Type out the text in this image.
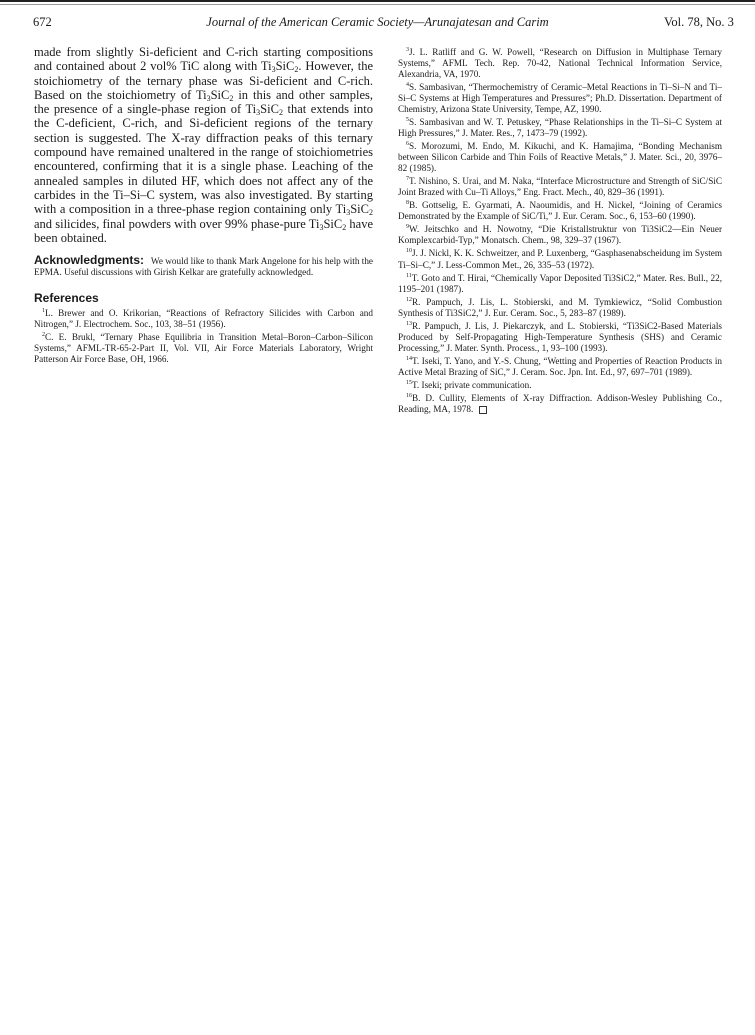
Journal of the American Ceramic Society—Arunajatesan and Carim
672	Vol. 78, No. 3

made from slightly Si-deficient and C-rich starting compositions and contained about 2 vol% TiC along with $Ti_3SiC_2$. However, the stoichiometry of the ternary phase was Si-deficient and C-rich. Based on the stoichiometry of $Ti_3SiC_2$ in this and other samples, the presence of a single-phase region of $Ti_3SiC_2$ that extends into the C-deficient, C-rich, and Si-deficient regions of the ternary section is suggested. The X-ray diffraction peaks of this ternary compound have remained unaltered in the range of stoichiometries encountered, confirming that it is a single phase. Leaching of the annealed samples in diluted HF, which does not affect any of the carbides in the Ti–Si–C system, was also investigated. By starting with a composition in a three-phase region containing only $Ti_3SiC_2$ and silicides, final powders with over 99% phase-pure $Ti_3SiC_2$ have been obtained.

Acknowledgments: We would like to thank Mark Angelone for his help with the EPMA. Useful discussions with Girish Kelkar are gratefully acknowledged.

References

$^1$L. Brewer and O. Krikorian, “Reactions of Refractory Silicides with Carbon and Nitrogen,” J. Electrochem. Soc., 103, 38–51 (1956).

$^2$C. E. Brukl, “Ternary Phase Equilibria in Transition Metal–Boron–Carbon–Silicon Systems,” AFML-TR-65-2-Part II, Vol. VII, Air Force Materials Laboratory, Wright Patterson Air Force Base, OH, 1966.

$^3$J. L. Ratliff and G. W. Powell, “Research on Diffusion in Multiphase Ternary Systems,” AFML Tech. Rep. 70-42, National Technical Information Service, Alexandria, VA, 1970.

$^4$S. Sambasivan, “Thermochemistry of Ceramic–Metal Reactions in Ti–Si–N and Ti–Si–C Systems at High Temperatures and Pressures”; Ph.D. Dissertation. Department of Chemistry, Arizona State University, Tempe, AZ, 1990.

$^5$S. Sambasivan and W. T. Petuskey, “Phase Relationships in the Ti–Si–C System at High Pressures,” J. Mater. Res., 7, 1473–79 (1992).

$^6$S. Morozumi, M. Endo, M. Kikuchi, and K. Hamajima, “Bonding Mechanism between Silicon Carbide and Thin Foils of Reactive Metals,” J. Mater. Sci., 20, 3976–82 (1985).

$^7$T. Nishino, S. Urai, and M. Naka, “Interface Microstructure and Strength of SiC/SiC Joint Brazed with Cu–Ti Alloys,” Eng. Fract. Mech., 40, 829–36 (1991).

$^8$B. Gottselig, E. Gyarmati, A. Naoumidis, and H. Nickel, “Joining of Ceramics Demonstrated by the Example of SiC/Ti,” J. Eur. Ceram. Soc., 6, 153–60 (1990).

$^9$W. Jeitschko and H. Nowotny, “Die Kristallstruktur von Ti3SiC2—Ein Neuer Komplexcarbid-Typ,” Monatsch. Chem., 98, 329–37 (1967).

$^{10}$J. J. Nickl, K. K. Schweitzer, and P. Luxenberg, “Gasphasenabscheidung im System Ti–Si–C,” J. Less-Common Met., 26, 335–53 (1972).

$^{11}$T. Goto and T. Hirai, “Chemically Vapor Deposited Ti3SiC2,” Mater. Res. Bull., 22, 1195–201 (1987).

$^{12}$R. Pampuch, J. Lis, L. Stobierski, and M. Tymkiewicz, “Solid Combustion Synthesis of Ti3SiC2,” J. Eur. Ceram. Soc., 5, 283–87 (1989).

$^{13}$R. Pampuch, J. Lis, J. Piekarczyk, and L. Stobierski, “Ti3SiC2-Based Materials Produced by Self-Propagating High-Temperature Synthesis (SHS) and Ceramic Processing,” J. Mater. Synth. Process., 1, 93–100 (1993).

$^{14}$T. Iseki, T. Yano, and Y.-S. Chung, “Wetting and Properties of Reaction Products in Active Metal Brazing of SiC,” J. Ceram. Soc. Jpn. Int. Ed., 97, 697–701 (1989).

$^{15}$T. Iseki; private communication.

$^{16}$B. D. Cullity, Elements of X-ray Diffraction. Addison-Wesley Publishing Co., Reading, MA, 1978.
